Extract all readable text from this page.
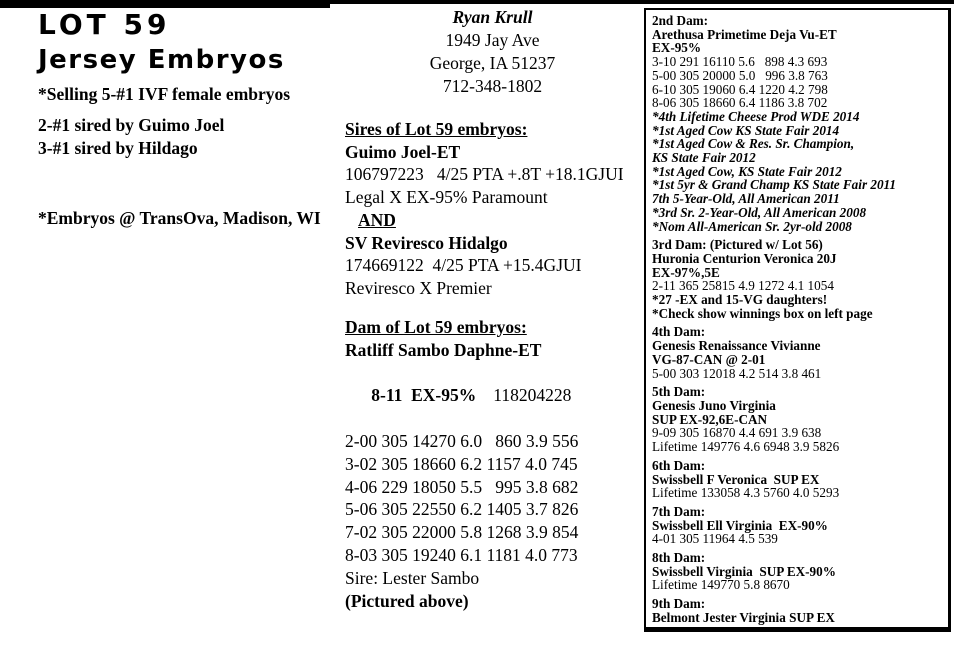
LOT 59
Jersey Embryos
*Selling 5-#1 IVF female embryos
2-#1 sired by Guimo Joel
3-#1 sired by Hildago
*Embryos @ TransOva, Madison, WI
Ryan Krull
1949 Jay Ave
George, IA 51237
712-348-1802
Sires of Lot 59 embryos:
Guimo Joel-ET
106797223   4/25 PTA +.8T +18.1GJUI
Legal X EX-95% Paramount
AND
SV Reviresco Hidalgo
174669122  4/25 PTA +15.4GJUI
Reviresco X Premier
Dam of Lot 59 embryos:
Ratliff Sambo Daphne-ET

8-11  EX-95% 118204228

2-00 305 14270 6.0   860 3.9 556
3-02 305 18660 6.2 1157 4.0 745
4-06 229 18050 5.5   995 3.8 682
5-06 305 22550 6.2 1405 3.7 826
7-02 305 22000 5.8 1268 3.9 854
8-03 305 19240 6.1 1181 4.0 773
Sire: Lester Sambo
(Pictured above)
2nd Dam:
Arethusa Primetime Deja Vu-ET
EX-95%
3-10 291 16110 5.6   898 4.3 693
5-00 305 20000 5.0   996 3.8 763
6-10 305 19060 6.4 1220 4.2 798
8-06 305 18660 6.4 1186 3.8 702
*4th Lifetime Cheese Prod WDE 2014
*1st Aged Cow KS State Fair 2014
*1st Aged Cow & Res. Sr. Champion,
KS State Fair 2012
*1st Aged Cow, KS State Fair 2012
*1st 5yr & Grand Champ KS State Fair 2011
7th 5-Year-Old, All American 2011
*3rd Sr. 2-Year-Old, All American 2008
*Nom All-American Sr. 2yr-old 2008
3rd Dam: (Pictured w/ Lot 56)
Huronia Centurion Veronica 20J
EX-97%,5E
2-11 365 25815 4.9 1272 4.1 1054
*27 -EX and 15-VG daughters!
*Check show winnings box on left page
4th Dam:
Genesis Renaissance Vivianne
VG-87-CAN @ 2-01
5-00 303 12018 4.2 514 3.8 461
5th Dam:
Genesis Juno Virginia
SUP EX-92,6E-CAN
9-09 305 16870 4.4 691 3.9 638
Lifetime 149776 4.6 6948 3.9 5826
6th Dam:
Swissbell F Veronica  SUP EX
Lifetime 133058 4.3 5760 4.0 5293
7th Dam:
Swissbell Ell Virginia  EX-90%
4-01 305 11964 4.5 539
8th Dam:
Swissbell Virginia  SUP EX-90%
Lifetime 149770 5.8 8670
9th Dam:
Belmont Jester Virginia SUP EX
